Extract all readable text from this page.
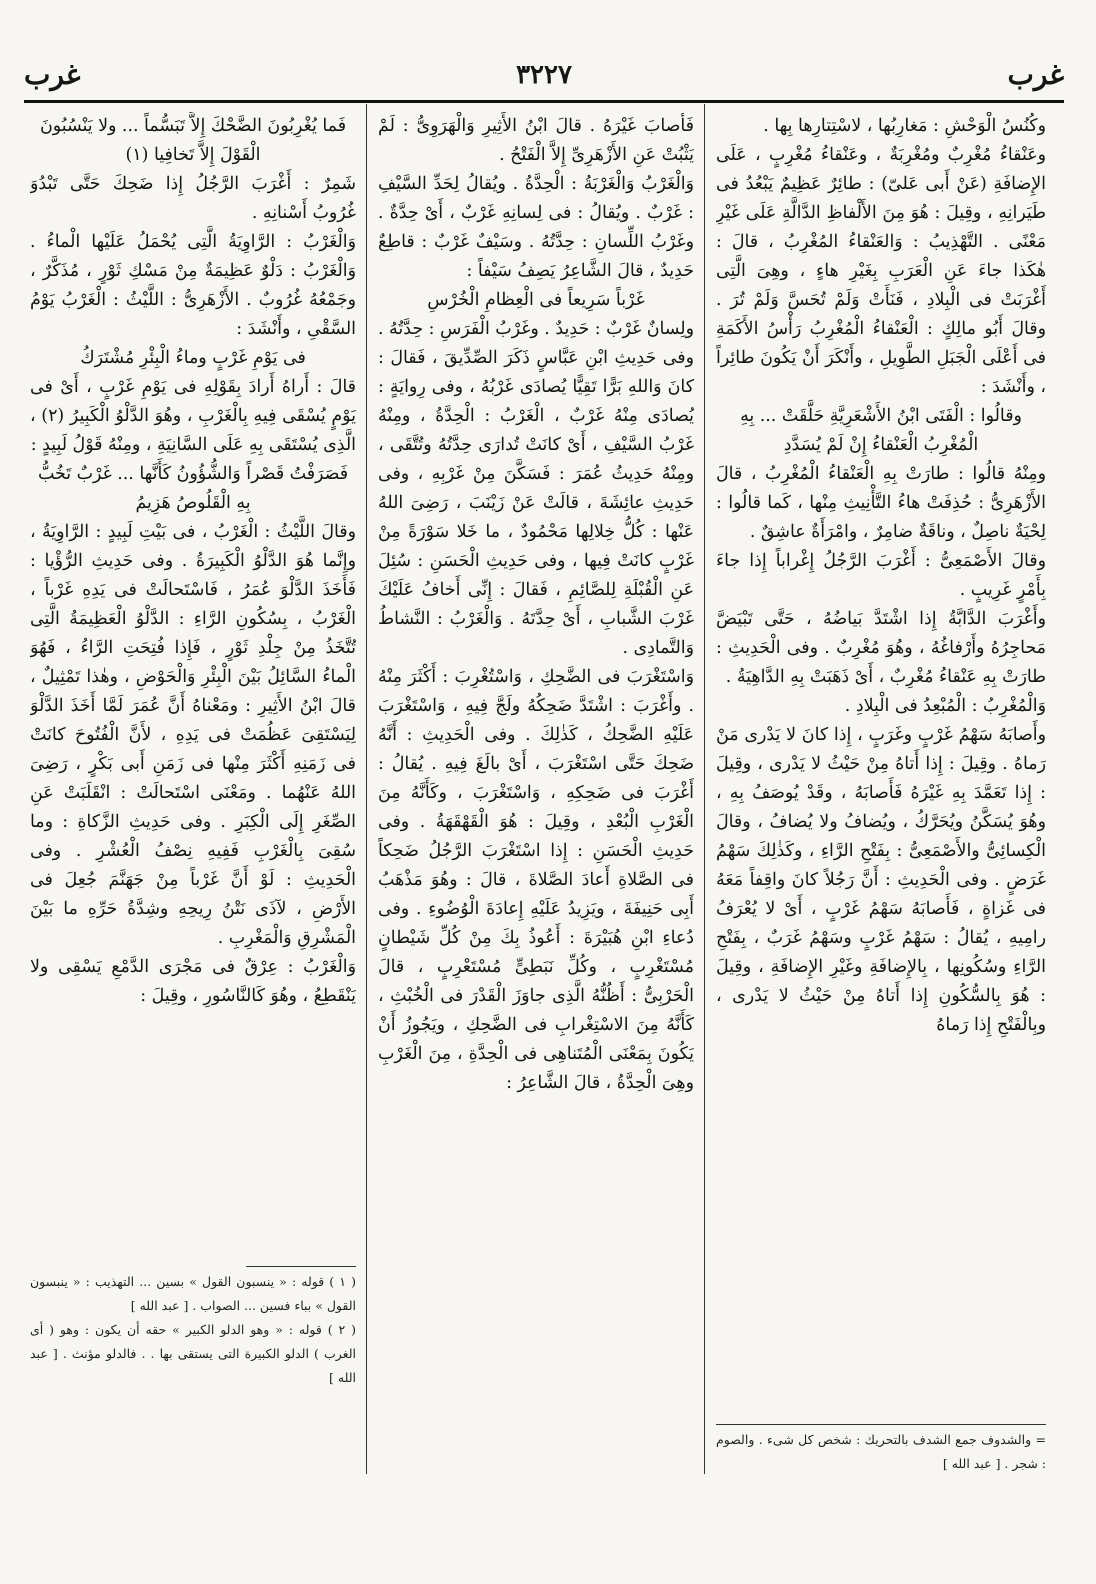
غرب
٣٢٢٧
غرب

وكُنُسُ الْوَحْشِ : مَغارِبُها ، لاسْتِتارِها بِها .

وعَنْقاءُ مُغْرِبٌ ومُغْرِبَةٌ ، وعَنْقاءُ مُغْرِبٍ ، عَلَى الإِضافَةِ (عَنْ أَبى عَلىّ) : طائِرٌ عَظِيمٌ يَبْعُدُ فى طَيَرانِهِ ، وقِيلَ : هُوَ مِنَ الأَلْفاظِ الدَّالَّةِ عَلَى غَيْرِ مَعْنًى . التَّهْذِيبُ : وَالعَنْقاءُ المُغْرِبُ ، قالَ : هٰكَذا جاءَ عَنِ الْعَرَبِ بِغَيْرِ هاءٍ ، وهِىَ الَّتِى أَغْرَبَتْ فى الْبِلادِ ، فَنَأَتْ وَلَمْ تُحَسَّ وَلَمْ تُرَ . وقالَ أَبُو مالِكٍ : الْعَنْقاءُ الْمُغْرِبُ رَأْسُ الأَكَمَةِ فى أَعْلَى الْجَبَلِ الطَّوِيلِ ، وأَنْكَرَ أَنْ يَكُونَ طائِراً ، وأَنْشَدَ :

وقالُوا : الْفَتَى ابْنُ الأَشْعَرِيَّةِ حَلَّقَتْ ... بِهِ الْمُغْرِبُ الْعَنْقاءُ إِنْ لَمْ يُسَدَّدِ

ومِنْهُ قالُوا : طارَتْ بِهِ الْعَنْقاءُ الْمُغْرِبُ ، قالَ الأَزْهَرِىُّ : حُذِفَتْ هاءُ التَّأْنِيثِ مِنْها ، كَما قالُوا : لِحْيَةٌ ناصِلٌ ، وناقَةٌ ضامِرٌ ، وامْرَأَةٌ عاشِقٌ .

وقالَ الأَصْمَعِىُّ : أَغْرَبَ الرَّجُلُ إِغْراباً إِذا جاءَ بِأَمْرٍ غَرِيبٍ .

وأَغْرَبَ الدَّابَّةُ إِذا اشْتَدَّ بَياضُهُ ، حَتَّى تَبْيَضَّ مَحاجِرُهُ وأَرْفاغُهُ ، وهُوَ مُغْرِبٌ . وفى الْحَدِيثِ : طارَتْ بِهِ عَنْقاءُ مُغْرِبٌ ، أَىْ ذَهَبَتْ بِهِ الدَّاهِيَةُ .

وَالْمُغْرِبُ : الْمُبْعِدُ فى الْبِلادِ .

وأَصابَهُ سَهْمُ غَرْبٍ وغَرَبٍ ، إِذا كانَ لا يَدْرى مَنْ رَماهُ . وقِيلَ : إِذا أَتاهُ مِنْ حَيْثُ لا يَدْرى ، وقِيلَ : إِذا تَعَمَّدَ بِهِ غَيْرَهُ فَأَصابَهُ ، وقَدْ يُوصَفُ بِهِ ، وهُوَ يُسَكَّنُ ويُحَرَّكُ ، ويُضافُ ولا يُضافُ ، وقالَ الْكِسائِىُّ والأَصْمَعِىُّ : بِفَتْحِ الرَّاءِ ، وكَذٰلِكَ سَهْمُ غَرَضٍ . وفى الْحَدِيثِ : أَنَّ رَجُلاً كانَ واقِفاً مَعَهُ فى غَزاةٍ ، فَأَصابَهُ سَهْمُ غَرْبٍ ، أَىْ لا يُعْرَفُ رامِيهِ ، يُقالُ : سَهْمُ غَرْبٍ وسَهْمُ غَرَبٌ ، بِفَتْحِ الرَّاءِ وسُكُونِها ، بِالإِضافَةِ وغَيْرِ الإِضافَةِ ، وقِيلَ : هُوَ بِالسُّكُونِ إِذا أَتاهُ مِنْ حَيْثُ لا يَدْرى ، وبِالْفَتْحِ إِذا رَماهُ

= والشدوف جمع الشدف بالتحريك : شخص كل شىء . والصوم : شجر . [ عبد الله ]

فَأَصابَ غَيْرَهُ . قالَ ابْنُ الأَثِيرِ وَالْهَرَوِىُّ : لَمْ يَثْبُتْ عَنِ الأَزْهَرِىِّ إِلاَّ الْفَتْحُ .

وَالْغَرْبُ وَالْغَرْبَةُ : الْحِدَّةُ . ويُقالُ لِحَدِّ السَّيْفِ : غَرْبٌ . ويُقالُ : فى لِسانِهِ غَرْبٌ ، أَىْ حِدَّةٌ . وغَرْبُ اللِّسانِ : حِدَّتُهُ . وسَيْفٌ غَرْبٌ : قاطِعٌ حَدِيدٌ ، قالَ الشَّاعِرُ يَصِفُ سَيْفاً :

غَرْباً سَرِيعاً فى الْعِظامِ الْخُرْسِ

ولِسانٌ غَرْبٌ : حَدِيدٌ . وغَرْبُ الْفَرَسِ : حِدَّتُهُ . وفى حَدِيثِ ابْنِ عَبَّاسٍ ذَكَرَ الصِّدِّيقَ ، فَقالَ : كانَ وَاللهِ بَرًّا تَقِيًّا يُصادَى غَرْبُهُ ، وفى رِوايَةٍ : يُصادَى مِنْهُ غَرْبٌ ، الْغَرْبُ : الْحِدَّةُ ، ومِنْهُ غَرْبُ السَّيْفِ ، أَىْ كانَتْ تُدارَى حِدَّتُهُ وتُتَّقَى ، ومِنْهُ حَدِيثُ عُمَرَ : فَسَكَّنَ مِنْ غَرْبِهِ ، وفى حَدِيثِ عائِشَةَ ، قالَتْ عَنْ زَيْنَبَ ، رَضِىَ اللهُ عَنْها : كُلُّ خِلالِها مَحْمُودٌ ، ما خَلا سَوْرَةً مِنْ غَرْبٍ كانَتْ فِيها ، وفى حَدِيثِ الْحَسَنِ : سُئِلَ عَنِ الْقُبْلَةِ لِلصَّائِمِ ، فَقالَ : إِنِّى أَخافُ عَلَيْكَ غَرْبَ الشَّبابِ ، أَىْ حِدَّتَهُ . وَالْغَرْبُ : النَّشاطُ وَالتَّمادِى .

وَاسْتَغْرَبَ فى الضَّحِكِ ، وَاسْتُغْرِبَ : أَكْثَرَ مِنْهُ . وأَغْرَبَ : اشْتَدَّ ضَحِكُهُ ولَجَّ فِيهِ ، وَاسْتَغْرَبَ عَلَيْهِ الضَّحِكُ ، كَذٰلِكَ . وفى الْحَدِيثِ : أَنَّهُ ضَحِكَ حَتَّى اسْتَغْرَبَ ، أَىْ بالَغَ فِيهِ . يُقالُ : أَغْرَبَ فى ضَحِكِهِ ، وَاسْتَغْرَبَ ، وكَأَنَّهُ مِنَ الْغَرْبِ الْبُعْدِ ، وقِيلَ : هُوَ الْقَهْقَهَةُ . وفى حَدِيثِ الْحَسَنِ : إِذا اسْتَغْرَبَ الرَّجُلُ ضَحِكاً فى الصَّلاةِ أَعادَ الصَّلاةَ ، قالَ : وهُوَ مَذْهَبُ أَبِى حَنِيفَةَ ، ويَزِيدُ عَلَيْهِ إِعادَةَ الْوُضُوءِ . وفى دُعاءِ ابْنِ هُبَيْرَةَ : أَعُوذُ بِكَ مِنْ كُلِّ شَيْطانٍ مُسْتَغْرِبٍ ، وكُلِّ نَبَطِىٍّ مُسْتَعْرِبٍ ، قالَ الْحَرْبِىُّ : أَظُنُّهُ الَّذِى جاوَزَ الْقَدْرَ فى الْخُبْثِ ، كَأَنَّهُ مِنَ الاسْتِغْرابِ فى الضَّحِكِ ، ويَجُوزُ أَنْ يَكُونَ بِمَعْنَى الْمُتَناهِى فى الْحِدَّةِ ، مِنَ الْغَرْبِ وهِىَ الْحِدَّةُ ، قالَ الشَّاعِرُ :

فَما يُغْرِبُونَ الضَّحْكَ إِلاَّ تَبَسُّماً ... ولا يَنْسُبُونَ الْقَوْلَ إِلاَّ تَخافِيا (١)

شَمِرٌ : أَغْرَبَ الرَّجُلُ إِذا ضَحِكَ حَتَّى تَبْدُوَ غُرُوبُ أَسْنانِهِ .

وَالْغَرْبُ : الرَّاوِيَةُ الَّتِى يُحْمَلُ عَلَيْها الْماءُ . وَالْغَرْبُ : دَلْوٌ عَظِيمَةٌ مِنْ مَسْكِ ثَوْرٍ ، مُذَكَّرٌ ، وجَمْعُهُ غُرُوبٌ . الأَزْهَرِىُّ : اللَّيْثُ : الْغَرْبُ يَوْمُ السَّقْىِ ، وأَنْشَدَ :

فى يَوْمِ غَرْبٍ وماءُ الْبِئْرِ مُشْتَرَكُ

قالَ : أَراهُ أَرادَ بِقَوْلِهِ فى يَوْمِ غَرْبٍ ، أَىْ فى يَوْمٍ يُسْقَى فِيهِ بِالْغَرْبِ ، وهُوَ الدَّلْوُ الْكَبِيرُ (٢) ، الَّذِى يُسْتَقَى بِهِ عَلَى السَّانِيَةِ ، ومِنْهُ قَوْلُ لَبِيدٍ :

فَصَرَفْتُ قَصْراً وَالشُّؤُونُ كَأَنَّها ... غَرْبٌ تَخُبُّ بِهِ الْقَلُوصُ هَزِيمُ

وقالَ اللَّيْثُ : الْغَرْبُ ، فى بَيْتِ لَبِيدٍ : الرَّاوِيَةُ ، وإِنَّما هُوَ الدَّلْوُ الْكَبِيرَةُ . وفى حَدِيثِ الرُّؤْيا : فَأَخَذَ الدَّلْوَ عُمَرُ ، فَاسْتَحالَتْ فى يَدِهِ غَرْباً ، الْغَرْبُ ، بِسُكُونِ الرَّاءِ : الدَّلْوُ الْعَظِيمَةُ الَّتِى تُتَّخَذُ مِنْ جِلْدِ ثَوْرٍ ، فَإِذا فُتِحَتِ الرَّاءُ ، فَهُوَ الْماءُ السَّائِلُ بَيْنَ الْبِئْرِ وَالْحَوْضِ ، وهٰذا تَمْثِيلٌ ، قالَ ابْنُ الأَثِيرِ : ومَعْناهُ أَنَّ عُمَرَ لَمَّا أَخَذَ الدَّلْوَ لِيَسْتَقِىَ عَظُمَتْ فى يَدِهِ ، لأَنَّ الْفُتُوحَ كانَتْ فى زَمَنِهِ أَكْثَرَ مِنْها فى زَمَنِ أَبى بَكْرٍ ، رَضِىَ اللهُ عَنْهُما . ومَعْنَى اسْتَحالَتْ : انْقَلَبَتْ عَنِ الصِّغَرِ إِلَى الْكِبَرِ . وفى حَدِيثِ الزَّكاةِ : وما سُقِىَ بِالْغَرْبِ فَفِيهِ نِصْفُ الْعُشْرِ . وفى الْحَدِيثِ : لَوْ أَنَّ غَرْباً مِنْ جَهَنَّمَ جُعِلَ فى الأَرْضِ ، لآذَى نَتْنُ رِيحِهِ وشِدَّةُ حَرِّهِ ما بَيْنَ الْمَشْرِقِ وَالْمَغْرِبِ .

وَالْغَرْبُ : عِرْقٌ فى مَجْرَى الدَّمْعِ يَسْقِى ولا يَنْقَطِعُ ، وهُوَ كَالنَّاسُورِ ، وقِيلَ :

( ١ ) قوله : « ينسبون القول » بسين ... التهذيب : « ينبسون القول » بباء فسين ... الصواب . [ عبد الله ]

( ٢ ) قوله : « وهو الدلو الكبير » حقه أن يكون : وهو ( أى الغرب ) الدلو الكبيرة التى يستقى بها . . فالدلو مؤنث . [ عبد الله ]
